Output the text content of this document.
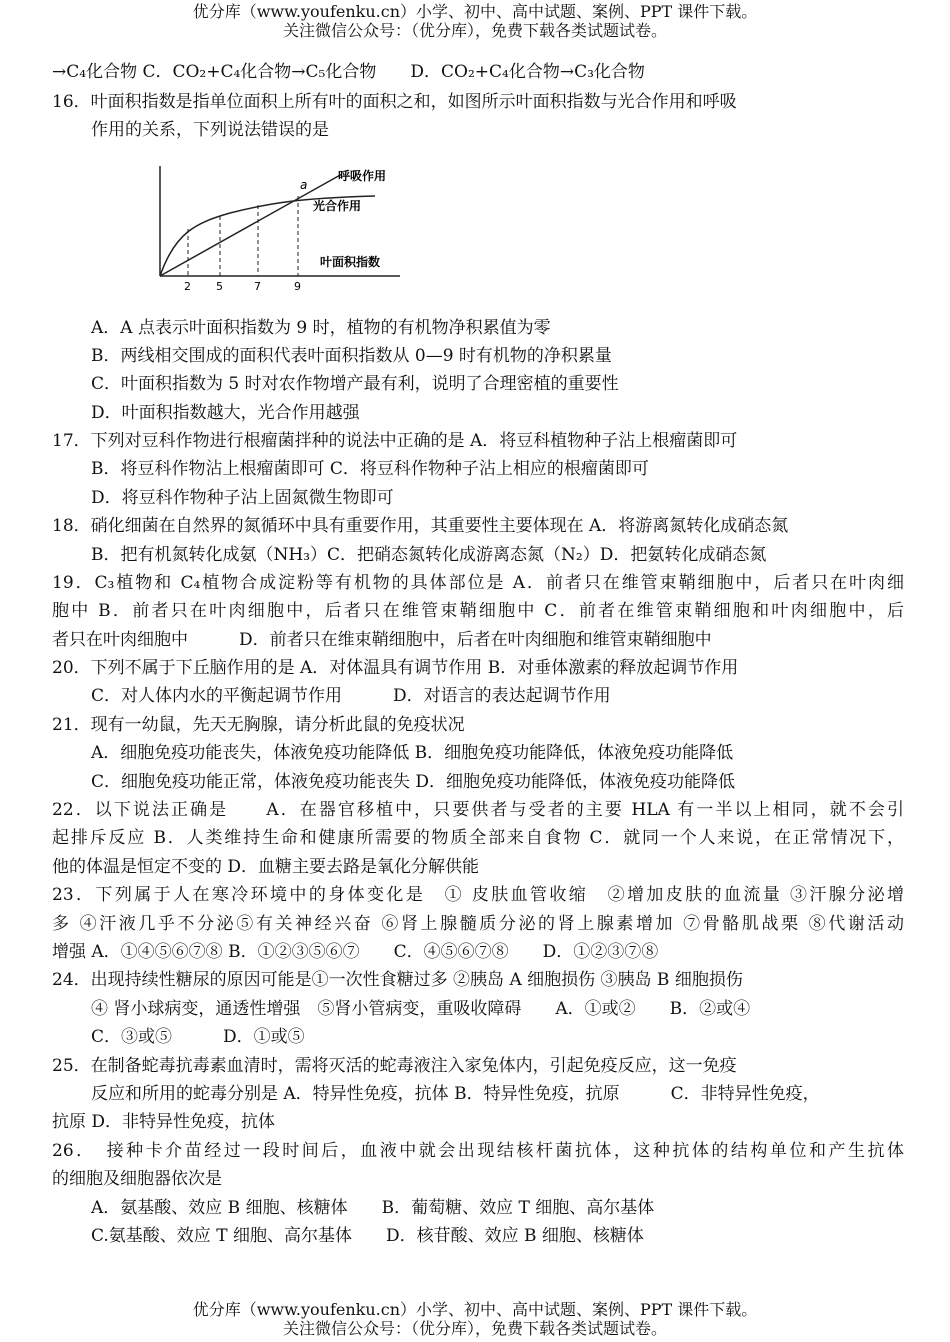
优分库（www.youfenku.cn）小学、初中、高中试题、案例、PPT 课件下载。
关注微信公众号：（优分库），免费下载各类试题试卷。
→C₄化合物 C．CO₂+C₄化合物→C₅化合物　　D．CO₂+C₄化合物→C₃化合物
16．叶面积指数是指单位面积上所有叶的面积之和，如图所示叶面积指数与光合作用和呼吸
作用的关系，下列说法错误的是
2 5	7	9
a
呼吸作用
光合作用
叶面积指数
A．A 点表示叶面积指数为 9 时，植物的有机物净积累值为零
B．两线相交围成的面积代表叶面积指数从 0—9 时有机物的净积累量
C．叶面积指数为 5 时对农作物增产最有利，说明了合理密植的重要性
D．叶面积指数越大，光合作用越强
17．下列对豆科作物进行根瘤菌拌种的说法中正确的是 A．将豆科植物种子沾上根瘤菌即可
B．将豆科作物沾上根瘤菌即可 C．将豆科作物种子沾上相应的根瘤菌即可
D．将豆科作物种子沾上固氮微生物即可
18．硝化细菌在自然界的氮循环中具有重要作用，其重要性主要体现在 A．将游离氮转化成硝态氮
B．把有机氮转化成氨（NH₃）C．把硝态氮转化成游离态氮（N₂）D．把氨转化成硝态氮
19．C₃植物和 C₄植物合成淀粉等有机物的具体部位是 A．前者只在维管束鞘细胞中，后者只在叶肉细
胞中 B．前者只在叶肉细胞中，后者只在维管束鞘细胞中 C．前者在维管束鞘细胞和叶肉细胞中，后
者只在叶肉细胞中　　　D．前者只在维束鞘细胞中，后者在叶肉细胞和维管束鞘细胞中
20．下列不属于下丘脑作用的是 A．对体温具有调节作用 B．对垂体激素的释放起调节作用
C．对人体内水的平衡起调节作用　　　D．对语言的表达起调节作用
21．现有一幼鼠，先天无胸腺，请分析此鼠的免疫状况
A．细胞免疫功能丧失，体液免疫功能降低 B．细胞免疫功能降低，体液免疫功能降低
C．细胞免疫功能正常，体液免疫功能丧失 D．细胞免疫功能降低，体液免疫功能降低
22．以下说法正确是　　A．在器官移植中，只要供者与受者的主要 HLA 有一半以上相同，就不会引
起排斥反应 B．人类维持生命和健康所需要的物质全部来自食物 C．就同一个人来说，在正常情况下，
他的体温是恒定不变的 D．血糖主要去路是氧化分解供能
23．下列属于人在寒冷环境中的身体变化是　① 皮肤血管收缩　②增加皮肤的血流量 ③汗腺分泌增
多 ④汗液几乎不分泌⑤有关神经兴奋 ⑥肾上腺髓质分泌的肾上腺素增加 ⑦骨骼肌战栗 ⑧代谢活动
增强 A．①④⑤⑥⑦⑧ B．①②③⑤⑥⑦　　C．④⑤⑥⑦⑧　　D．①②③⑦⑧
24．出现持续性糖尿的原因可能是①一次性食糖过多 ②胰岛 A 细胞损伤 ③胰岛 B 细胞损伤
④ 肾小球病变，通透性增强　⑤肾小管病变，重吸收障碍　　A．①或②　　B．②或④
C．③或⑤　　　D．①或⑤
25．在制备蛇毒抗毒素血清时，需将灭活的蛇毒液注入家兔体内，引起免疫反应，这一免疫
反应和所用的蛇毒分别是 A．特异性免疫，抗体 B．特异性免疫，抗原　　　C．非特异性免疫，
抗原 D．非特异性免疫，抗体
26．　接种卡介苗经过一段时间后，血液中就会出现结核杆菌抗体，这种抗体的结构单位和产生抗体
的细胞及细胞器依次是
A．氨基酸、效应 B 细胞、核糖体　　B．葡萄糖、效应 T 细胞、高尔基体
C.氨基酸、效应 T 细胞、高尔基体　　D．核苷酸、效应 B 细胞、核糖体
优分库（www.youfenku.cn）小学、初中、高中试题、案例、PPT 课件下载。
关注微信公众号：（优分库），免费下载各类试题试卷。
